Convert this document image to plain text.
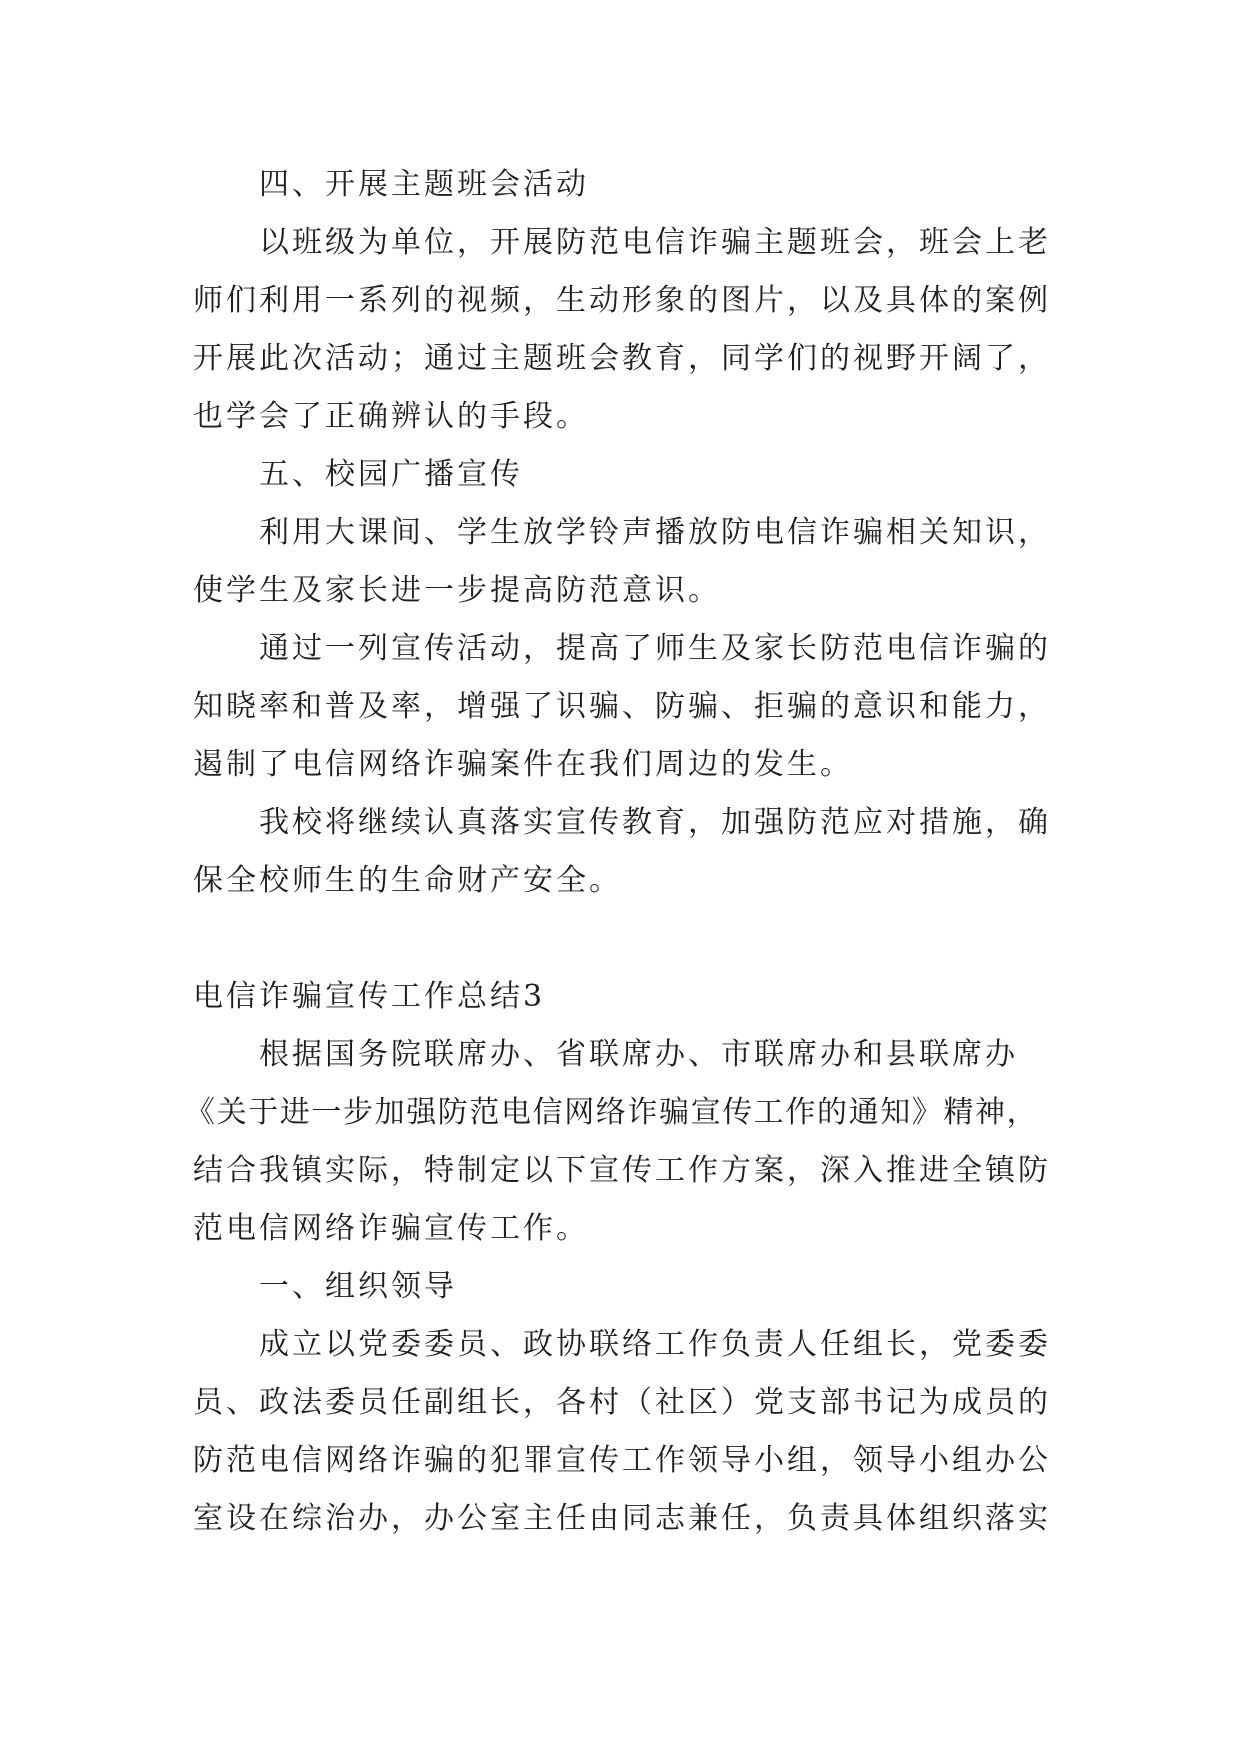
四、开展主题班会活动
以班级为单位，开展防范电信诈骗主题班会，班会上老
师们利用一系列的视频，生动形象的图片，以及具体的案例
开展此次活动；通过主题班会教育，同学们的视野开阔了，
也学会了正确辨认的手段。
五、校园广播宣传
利用大课间、学生放学铃声播放防电信诈骗相关知识，
使学生及家长进一步提高防范意识。
通过一列宣传活动，提高了师生及家长防范电信诈骗的
知晓率和普及率，增强了识骗、防骗、拒骗的意识和能力，
遏制了电信网络诈骗案件在我们周边的发生。
我校将继续认真落实宣传教育，加强防范应对措施，确
保全校师生的生命财产安全。
电信诈骗宣传工作总结3
根据国务院联席办、省联席办、市联席办和县联席办
《关于进一步加强防范电信网络诈骗宣传工作的通知》精神，
结合我镇实际，特制定以下宣传工作方案，深入推进全镇防
范电信网络诈骗宣传工作。
一、组织领导
成立以党委委员、政协联络工作负责人任组长，党委委
员、政法委员任副组长，各村（社区）党支部书记为成员的
防范电信网络诈骗的犯罪宣传工作领导小组，领导小组办公
室设在综治办，办公室主任由同志兼任，负责具体组织落实
